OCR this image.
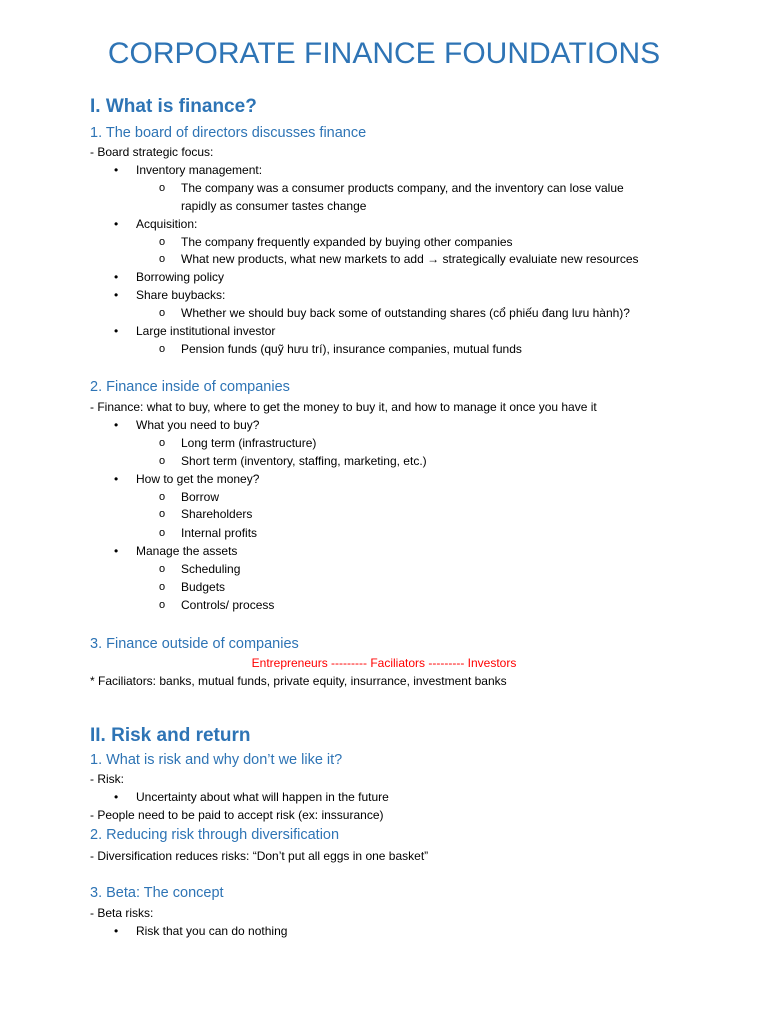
CORPORATE FINANCE FOUNDATIONS
I. What is finance?
1. The board of directors discusses finance
- Board strategic focus:
• Inventory management:
o The company was a consumer products company, and the inventory can lose value
rapidly as consumer tastes change
• Acquisition:
o The company frequently expanded by buying other companies
o What new products, what new markets to add → strategically evaluiate new resources
• Borrowing policy
• Share buybacks:
o Whether we should buy back some of outstanding shares (cổ phiếu đang lưu hành)?
• Large institutional investor
o Pension funds (quỹ hưu trí), insurance companies, mutual funds
2. Finance inside of companies
- Finance: what to buy, where to get the money to buy it, and how to manage it once you have it
• What you need to buy?
o Long term (infrastructure)
o Short term (inventory, staffing, marketing, etc.)
• How to get the money?
o Borrow
o Shareholders
o Internal profits
• Manage the assets
o Scheduling
o Budgets
o Controls/ process
3. Finance outside of companies
Entrepreneurs --------- Faciliators --------- Investors
* Faciliators: banks, mutual funds, private equity, insurrance, investment banks
II. Risk and return
1. What is risk and why don’t we like it?
- Risk:
• Uncertainty about what will happen in the future
- People need to be paid to accept risk (ex: inssurance)
2. Reducing risk through diversification
- Diversification reduces risks: “Don’t put all eggs in one basket”
3. Beta: The concept
- Beta risks:
• Risk that you can do nothing
